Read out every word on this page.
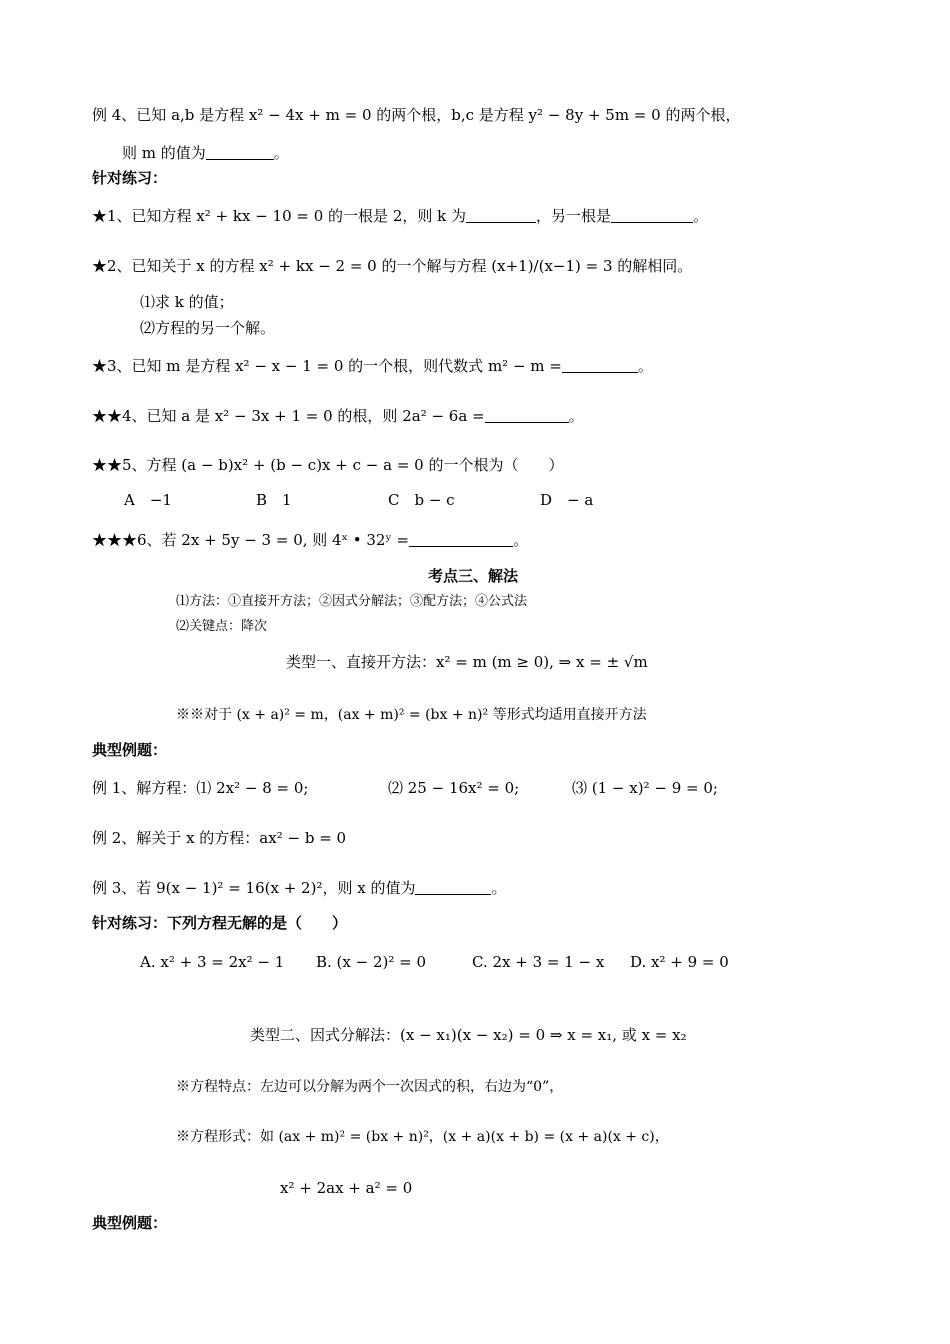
例 4、已知 a,b 是方程 x² − 4x + m = 0 的两个根，b,c 是方程 y² − 8y + 5m = 0 的两个根，
则 m 的值为	。
针对练习：
★1、已知方程 x² + kx − 10 = 0 的一根是 2，则 k 为	，另一根是	。
★2、已知关于 x 的方程 x² + kx − 2 = 0 的一个解与方程 (x+1)/(x−1) = 3 的解相同。
⑴求 k 的值；
⑵方程的另一个解。
★3、已知 m 是方程 x² − x − 1 = 0 的一个根，则代数式 m² − m =	。
★★4、已知 a 是 x² − 3x + 1 = 0 的根，则 2a² − 6a =	。
★★5、方程 (a − b)x² + (b − c)x + c − a = 0 的一个根为（　　）
A　−1	B　1	C　b − c	D　− a
★★★6、若 2x + 5y − 3 = 0, 则 4ˣ • 32ʸ =	。
考点三、解法
⑴方法：①直接开方法；②因式分解法；③配方法；④公式法
⑵关键点：降次
类型一、直接开方法：x² = m (m ≥ 0), ⇒ x = ± √m
※※对于 (x + a)² = m，(ax + m)² = (bx + n)² 等形式均适用直接开方法
典型例题：
例 1、解方程：⑴ 2x² − 8 = 0;	⑵ 25 − 16x² = 0;	⑶ (1 − x)² − 9 = 0;
例 2、解关于 x 的方程：ax² − b = 0
例 3、若 9(x − 1)² = 16(x + 2)²，则 x 的值为	。
针对练习：下列方程无解的是（　　）
A. x² + 3 = 2x² − 1 B. (x − 2)² = 0	C. 2x + 3 = 1 − x D. x² + 9 = 0
类型二、因式分解法：(x − x₁)(x − x₂) = 0 ⇒ x = x₁, 或 x = x₂
※方程特点：左边可以分解为两个一次因式的积，右边为“0”，
※方程形式：如 (ax + m)² = (bx + n)²，(x + a)(x + b) = (x + a)(x + c)，
x² + 2ax + a² = 0
典型例题：
